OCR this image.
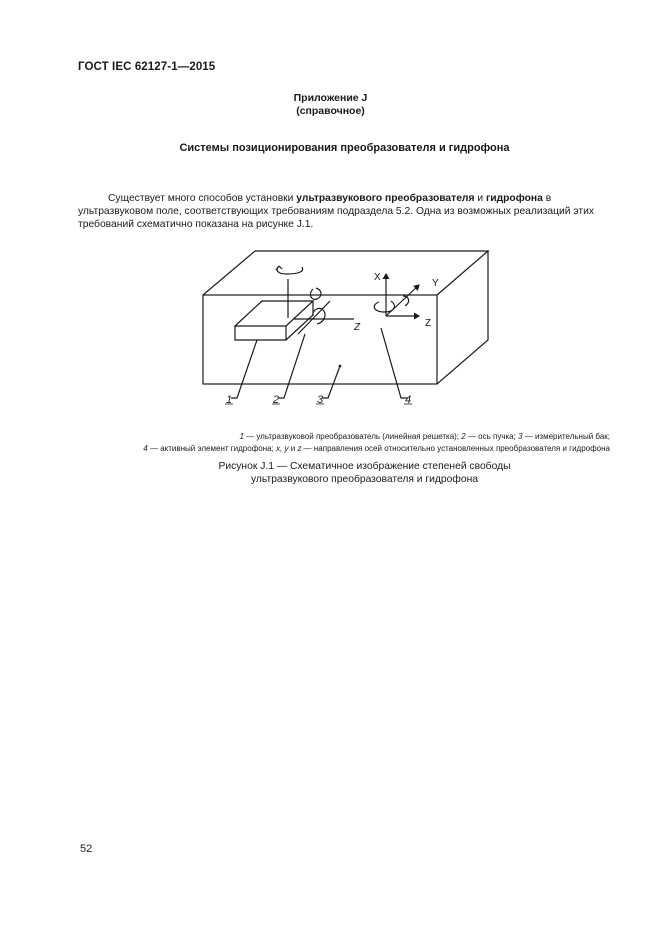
ГОСТ IEC 62127-1—2015
Приложение J
(справочное)
Системы позиционирования преобразователя и гидрофона

Существует много способов установки ультразвукового преобразователя и гидрофона в ультразвуковом поле, соответствующих требованиям подраздела 5.2. Одна из возможных реализаций этих требований схематично показана на рисунке J.1.

1	2	3	4
Z
X
Y
Z
1 — ультразвуковой преобразователь (линейная решетка); 2 — ось пучка; 3 — измерительный бак;
4 — активный элемент гидрофона; x, y и z — направления осей относительно установленных преобразователя и гидрофона
Рисунок J.1 — Схематичное изображение степеней свободы
ультразвукового преобразователя и гидрофона
52
